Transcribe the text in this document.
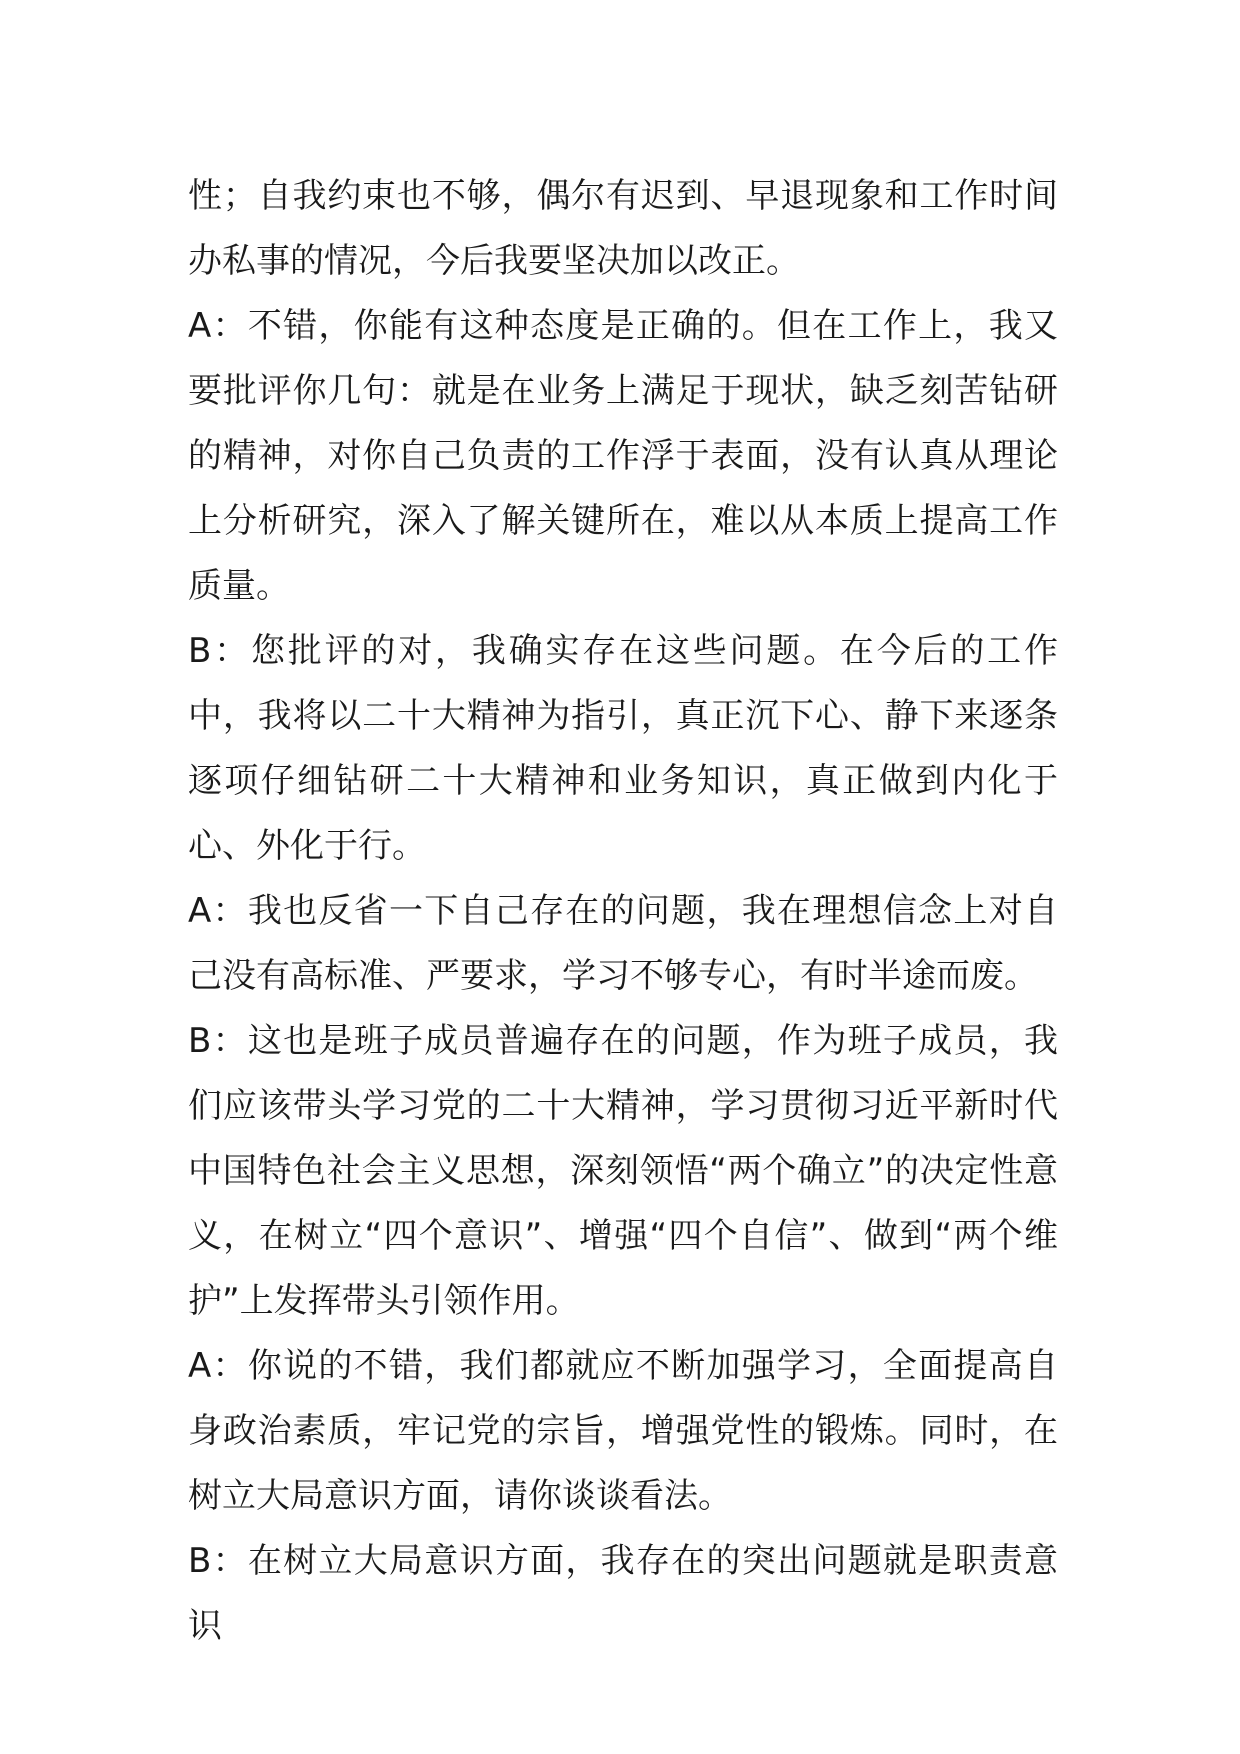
性；自我约束也不够，偶尔有迟到、早退现象和工作时间办私事的情况，今后我要坚决加以改正。

A：不错，你能有这种态度是正确的。但在工作上，我又要批评你几句：就是在业务上满足于现状，缺乏刻苦钻研的精神，对你自己负责的工作浮于表面，没有认真从理论上分析研究，深入了解关键所在，难以从本质上提高工作质量。

B：您批评的对，我确实存在这些问题。在今后的工作中，我将以二十大精神为指引，真正沉下心、静下来逐条逐项仔细钻研二十大精神和业务知识，真正做到内化于心、外化于行。

A：我也反省一下自己存在的问题，我在理想信念上对自己没有高标准、严要求，学习不够专心，有时半途而废。

B：这也是班子成员普遍存在的问题，作为班子成员，我们应该带头学习党的二十大精神，学习贯彻习近平新时代中国特色社会主义思想，深刻领悟“两个确立”的决定性意义，在树立“四个意识”、增强“四个自信”、做到“两个维护”上发挥带头引领作用。

A：你说的不错，我们都就应不断加强学习，全面提高自身政治素质，牢记党的宗旨，增强党性的锻炼。同时，在树立大局意识方面，请你谈谈看法。

B：在树立大局意识方面，我存在的突出问题就是职责意识
